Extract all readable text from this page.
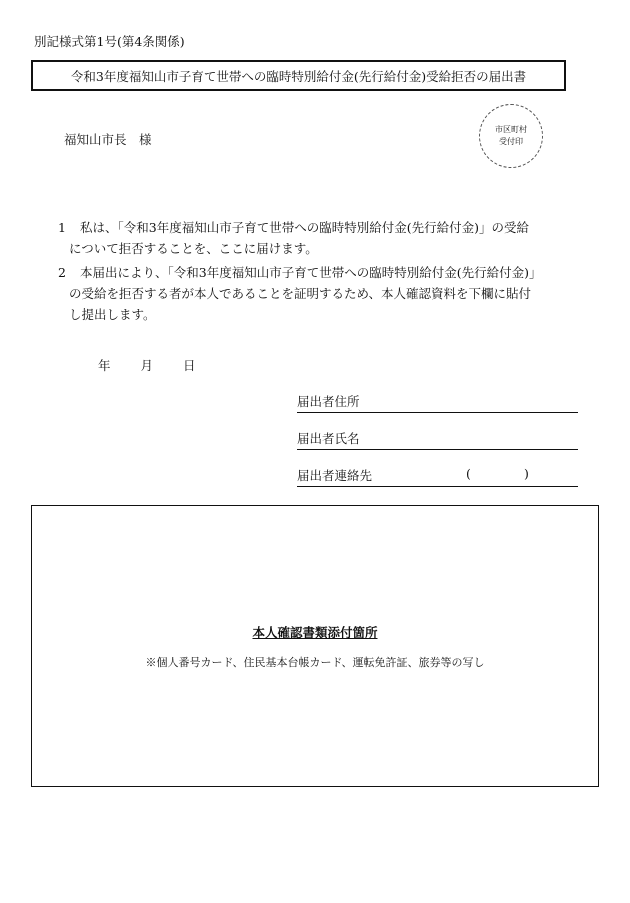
別記様式第1号(第4条関係)
令和3年度福知山市子育て世帯への臨時特別給付金(先行給付金)受給拒否の届出書
福知山市長　様
市区町村
受付印
1 私は、「令和3年度福知山市子育て世帯への臨時特別給付金(先行給付金)」の受給
について拒否することを、ここに届けます。
2 本届出により、「令和3年度福知山市子育て世帯への臨時特別給付金(先行給付金)」
の受給を拒否する者が本人であることを証明するため、本人確認資料を下欄に貼付
し提出します。
年 月 日
届出者住所
届出者氏名
届出者連絡先	(	)
本人確認書類添付箇所
※個人番号カード、住民基本台帳カード、運転免許証、旅券等の写し
